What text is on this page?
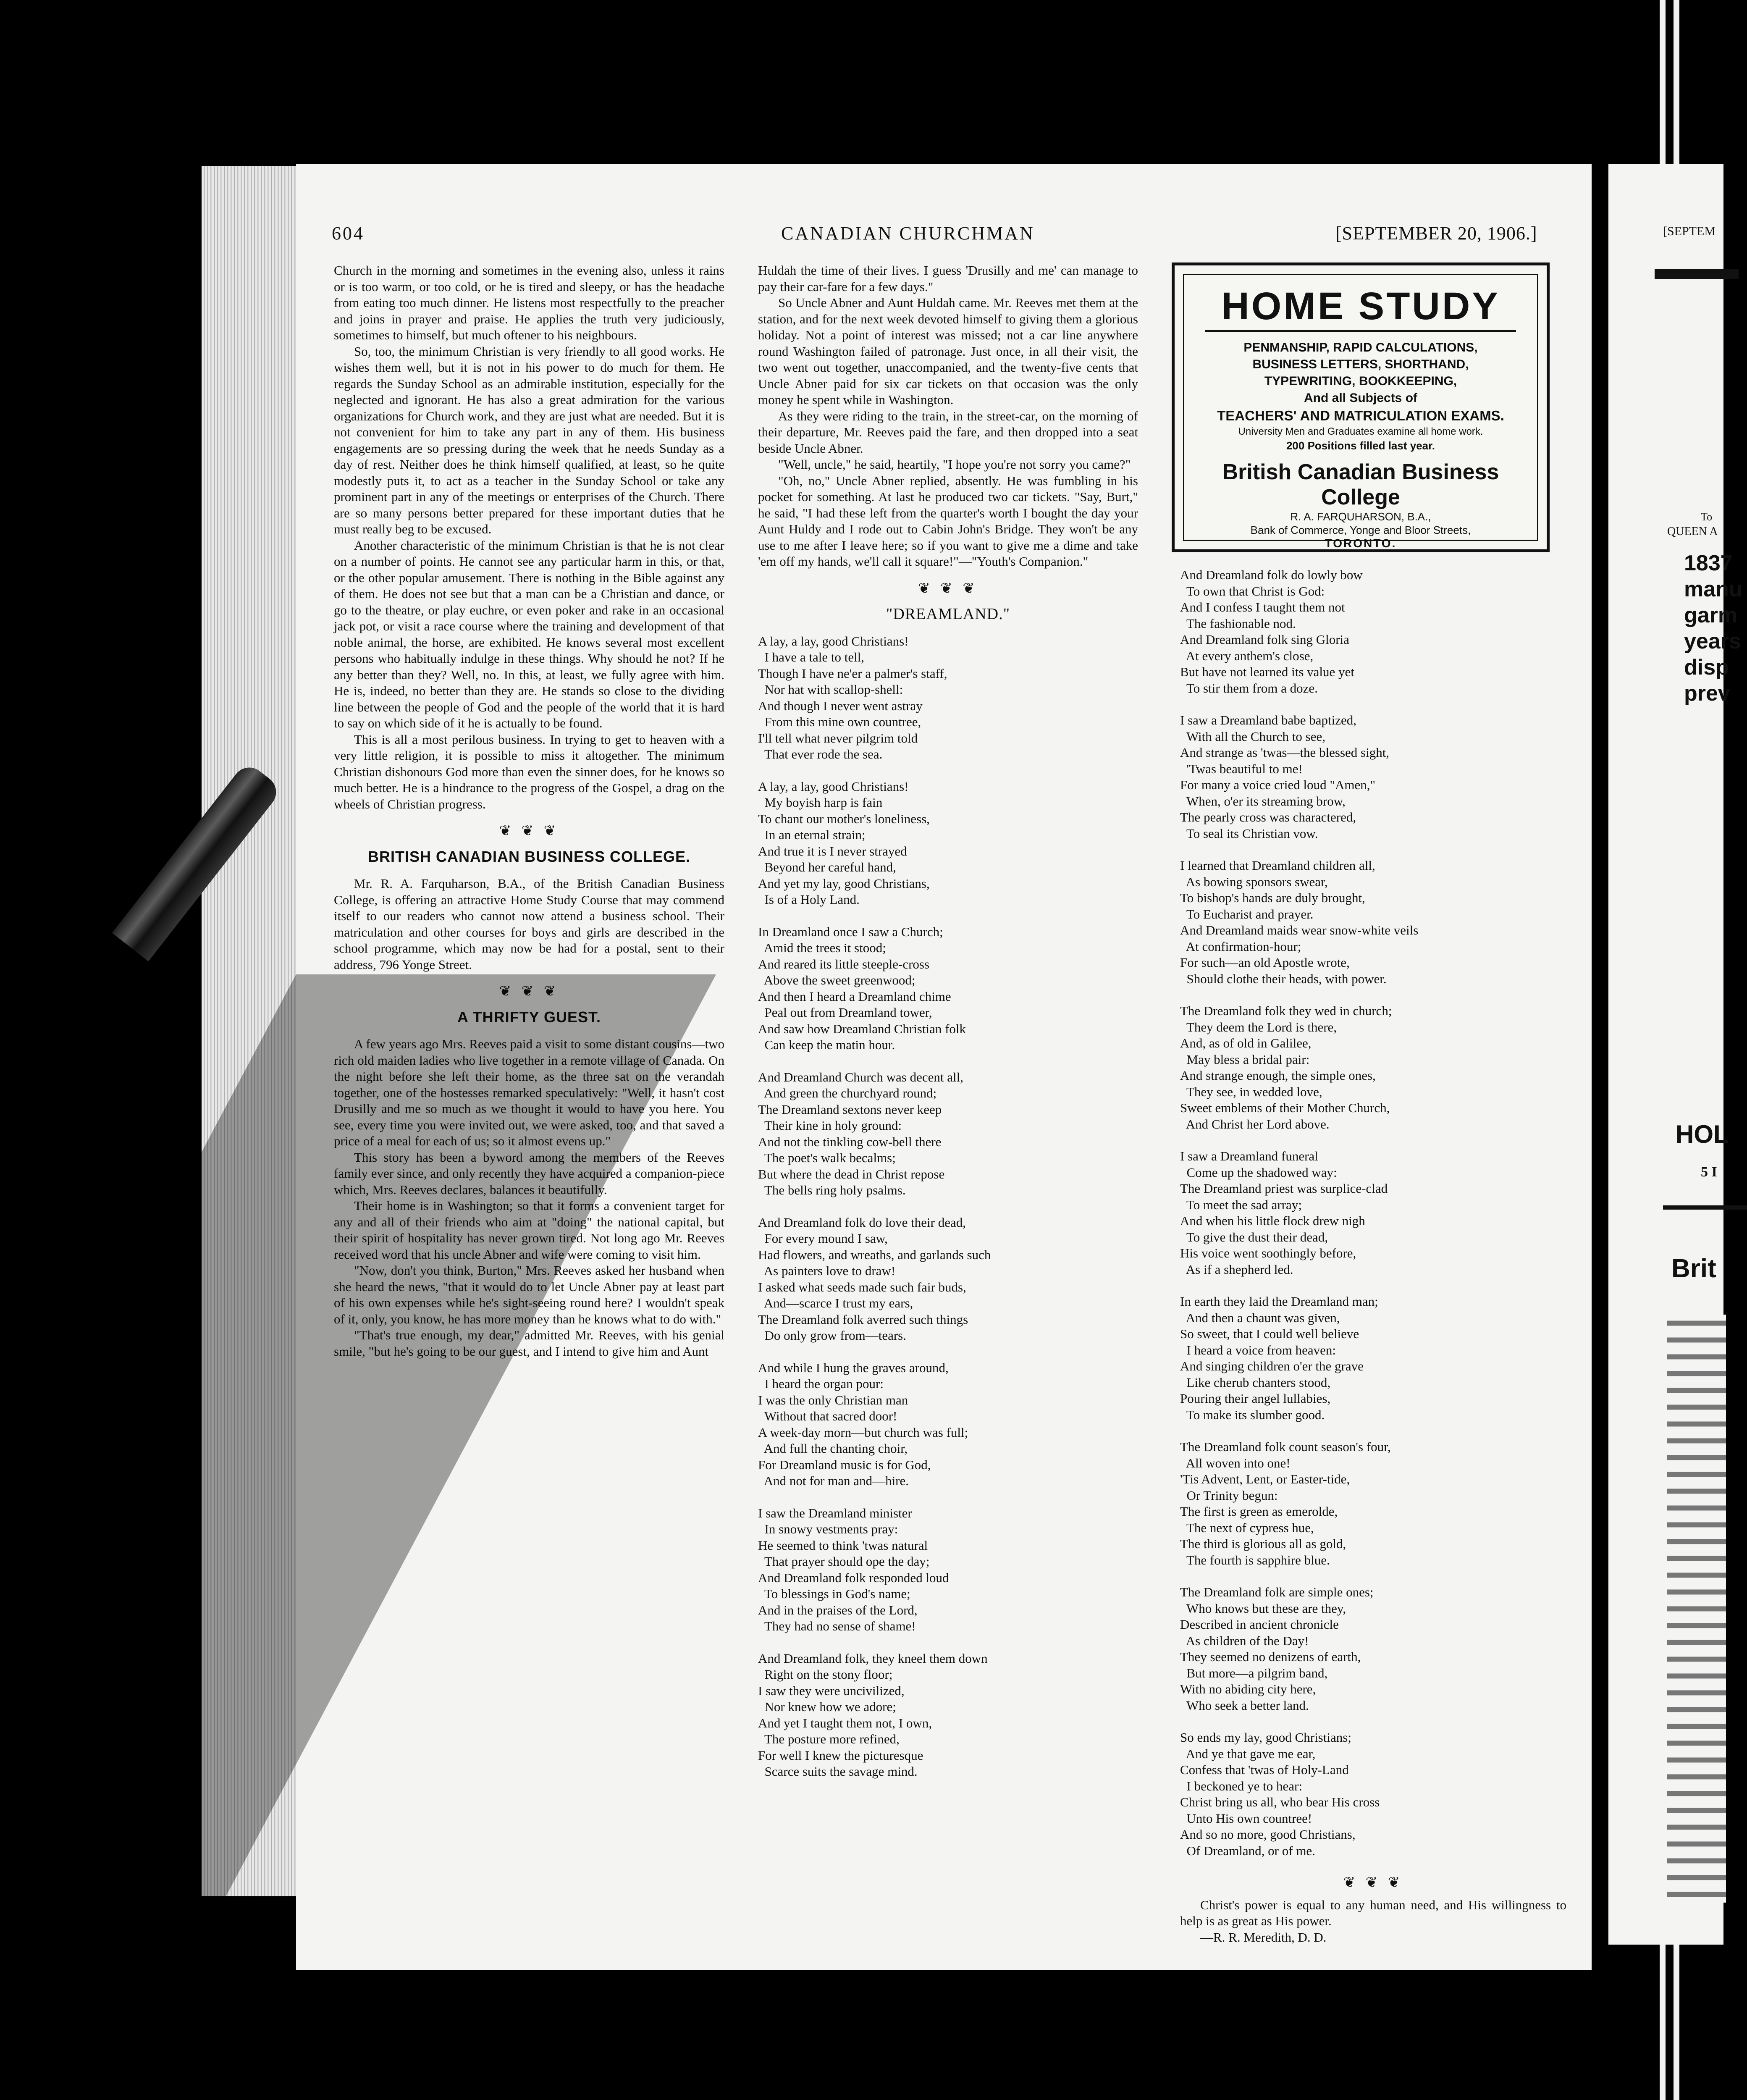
604	CANADIAN CHURCHMAN	[SEPTEMBER 20, 1906.]

Church in the morning and sometimes in the evening also, unless it rains or is too warm, or too cold, or he is tired and sleepy, or has the headache from eating too much dinner. He listens most respectfully to the preacher and joins in prayer and praise. He applies the truth very judiciously, sometimes to himself, but much oftener to his neighbours.

So, too, the minimum Christian is very friendly to all good works. He wishes them well, but it is not in his power to do much for them. He regards the Sunday School as an admirable institution, especially for the neglected and ignorant. He has also a great admiration for the various organizations for Church work, and they are just what are needed. But it is not convenient for him to take any part in any of them. His business engagements are so pressing during the week that he needs Sunday as a day of rest. Neither does he think himself qualified, at least, so he quite modestly puts it, to act as a teacher in the Sunday School or take any prominent part in any of the meetings or enterprises of the Church. There are so many persons better prepared for these important duties that he must really beg to be excused.

Another characteristic of the minimum Christian is that he is not clear on a number of points. He cannot see any particular harm in this, or that, or the other popular amusement. There is nothing in the Bible against any of them. He does not see but that a man can be a Christian and dance, or go to the theatre, or play euchre, or even poker and rake in an occasional jack pot, or visit a race course where the training and development of that noble animal, the horse, are exhibited. He knows several most excellent persons who habitually indulge in these things. Why should he not? If he any better than they? Well, no. In this, at least, we fully agree with him. He is, indeed, no better than they are. He stands so close to the dividing line between the people of God and the people of the world that it is hard to say on which side of it he is actually to be found.

This is all a most perilous business. In trying to get to heaven with a very little religion, it is possible to miss it altogether. The minimum Christian dishonours God more than even the sinner does, for he knows so much better. He is a hindrance to the progress of the Gospel, a drag on the wheels of Christian progress.

❦ ❦ ❦
BRITISH CANADIAN BUSINESS COLLEGE.

Mr. R. A. Farquharson, B.A., of the British Canadian Business College, is offering an attractive Home Study Course that may commend itself to our readers who cannot now attend a business school. Their matriculation and other courses for boys and girls are described in the school programme, which may now be had for a postal, sent to their address, 796 Yonge Street.

❦ ❦ ❦
A THRIFTY GUEST.

A few years ago Mrs. Reeves paid a visit to some distant cousins—two rich old maiden ladies who live together in a remote village of Canada. On the night before she left their home, as the three sat on the verandah together, one of the hostesses remarked speculatively: "Well, it hasn't cost Drusilly and me so much as we thought it would to have you here. You see, every time you were invited out, we were asked, too, and that saved a price of a meal for each of us; so it almost evens up."

This story has been a byword among the members of the Reeves family ever since, and only recently they have acquired a companion-piece which, Mrs. Reeves declares, balances it beautifully.

Their home is in Washington; so that it forms a convenient target for any and all of their friends who aim at "doing" the national capital, but their spirit of hospitality has never grown tired. Not long ago Mr. Reeves received word that his uncle Abner and wife were coming to visit him.

"Now, don't you think, Burton," Mrs. Reeves asked her husband when she heard the news, "that it would do to let Uncle Abner pay at least part of his own expenses while he's sight-seeing round here? I wouldn't speak of it, only, you know, he has more money than he knows what to do with."

"That's true enough, my dear," admitted Mr. Reeves, with his genial smile, "but he's going to be our guest, and I intend to give him and Aunt

Huldah the time of their lives. I guess 'Drusilly and me' can manage to pay their car-fare for a few days."

So Uncle Abner and Aunt Huldah came. Mr. Reeves met them at the station, and for the next week devoted himself to giving them a glorious holiday. Not a point of interest was missed; not a car line anywhere round Washington failed of patronage. Just once, in all their visit, the two went out together, unaccompanied, and the twenty-five cents that Uncle Abner paid for six car tickets on that occasion was the only money he spent while in Washington.

As they were riding to the train, in the street-car, on the morning of their departure, Mr. Reeves paid the fare, and then dropped into a seat beside Uncle Abner.

"Well, uncle," he said, heartily, "I hope you're not sorry you came?"

"Oh, no," Uncle Abner replied, absently. He was fumbling in his pocket for something. At last he produced two car tickets. "Say, Burt," he said, "I had these left from the quarter's worth I bought the day your Aunt Huldy and I rode out to Cabin John's Bridge. They won't be any use to me after I leave here; so if you want to give me a dime and take 'em off my hands, we'll call it square!"—"Youth's Companion."

❦ ❦ ❦
"DREAMLAND."
A lay, a lay, good Christians!
I have a tale to tell,
Though I have ne'er a palmer's staff,
Nor hat with scallop-shell:
And though I never went astray
From this mine own countree,
I'll tell what never pilgrim told
That ever rode the sea.
A lay, a lay, good Christians!
My boyish harp is fain
To chant our mother's loneliness,
In an eternal strain;
And true it is I never strayed
Beyond her careful hand,
And yet my lay, good Christians,
Is of a Holy Land.
In Dreamland once I saw a Church;
Amid the trees it stood;
And reared its little steeple-cross
Above the sweet greenwood;
And then I heard a Dreamland chime
Peal out from Dreamland tower,
And saw how Dreamland Christian folk
Can keep the matin hour.
And Dreamland Church was decent all,
And green the churchyard round;
The Dreamland sextons never keep
Their kine in holy ground:
And not the tinkling cow-bell there
The poet's walk becalms;
But where the dead in Christ repose
The bells ring holy psalms.
And Dreamland folk do love their dead,
For every mound I saw,
Had flowers, and wreaths, and garlands such
As painters love to draw!
I asked what seeds made such fair buds,
And—scarce I trust my ears,
The Dreamland folk averred such things
Do only grow from—tears.
And while I hung the graves around,
I heard the organ pour:
I was the only Christian man
Without that sacred door!
A week-day morn—but church was full;
And full the chanting choir,
For Dreamland music is for God,
And not for man and—hire.
I saw the Dreamland minister
In snowy vestments pray:
He seemed to think 'twas natural
That prayer should ope the day;
And Dreamland folk responded loud
To blessings in God's name;
And in the praises of the Lord,
They had no sense of shame!
And Dreamland folk, they kneel them down
Right on the stony floor;
I saw they were uncivilized,
Nor knew how we adore;
And yet I taught them not, I own,
The posture more refined,
For well I knew the picturesque
Scarce suits the savage mind.
HOME STUDY
PENMANSHIP, RAPID CALCULATIONS,
BUSINESS LETTERS, SHORTHAND,
TYPEWRITING, BOOKKEEPING,
And all Subjects of
TEACHERS' AND MATRICULATION EXAMS.
University Men and Graduates examine all home work.
200 Positions filled last year.
British Canadian Business College
R. A. FARQUHARSON, B.A.,
Bank of Commerce, Yonge and Bloor Streets,
TORONTO.
And Dreamland folk do lowly bow
To own that Christ is God:
And I confess I taught them not
The fashionable nod.
And Dreamland folk sing Gloria
At every anthem's close,
But have not learned its value yet
To stir them from a doze.
I saw a Dreamland babe baptized,
With all the Church to see,
And strange as 'twas—the blessed sight,
'Twas beautiful to me!
For many a voice cried loud "Amen,"
When, o'er its streaming brow,
The pearly cross was charactered,
To seal its Christian vow.
I learned that Dreamland children all,
As bowing sponsors swear,
To bishop's hands are duly brought,
To Eucharist and prayer.
And Dreamland maids wear snow-white veils
At confirmation-hour;
For such—an old Apostle wrote,
Should clothe their heads, with power.
The Dreamland folk they wed in church;
They deem the Lord is there,
And, as of old in Galilee,
May bless a bridal pair:
And strange enough, the simple ones,
They see, in wedded love,
Sweet emblems of their Mother Church,
And Christ her Lord above.
I saw a Dreamland funeral
Come up the shadowed way:
The Dreamland priest was surplice-clad
To meet the sad array;
And when his little flock drew nigh
To give the dust their dead,
His voice went soothingly before,
As if a shepherd led.
In earth they laid the Dreamland man;
And then a chaunt was given,
So sweet, that I could well believe
I heard a voice from heaven:
And singing children o'er the grave
Like cherub chanters stood,
Pouring their angel lullabies,
To make its slumber good.
The Dreamland folk count season's four,
All woven into one!
'Tis Advent, Lent, or Easter-tide,
Or Trinity begun:
The first is green as emerolde,
The next of cypress hue,
The third is glorious all as gold,
The fourth is sapphire blue.
The Dreamland folk are simple ones;
Who knows but these are they,
Described in ancient chronicle
As children of the Day!
They seemed no denizens of earth,
But more—a pilgrim band,
With no abiding city here,
Who seek a better land.
So ends my lay, good Christians;
And ye that gave me ear,
Confess that 'twas of Holy-Land
I beckoned ye to hear:
Christ bring us all, who bear His cross
Unto His own countree!
And so no more, good Christians,
Of Dreamland, or of me.
❦ ❦ ❦

Christ's power is equal to any human need, and His willingness to help is as great as His power.

—R. R. Meredith, D. D.

[SEPTEM
To
QUEEN A
1837
manu
garm
years
disp
prev
HOL
5 I
Brit
